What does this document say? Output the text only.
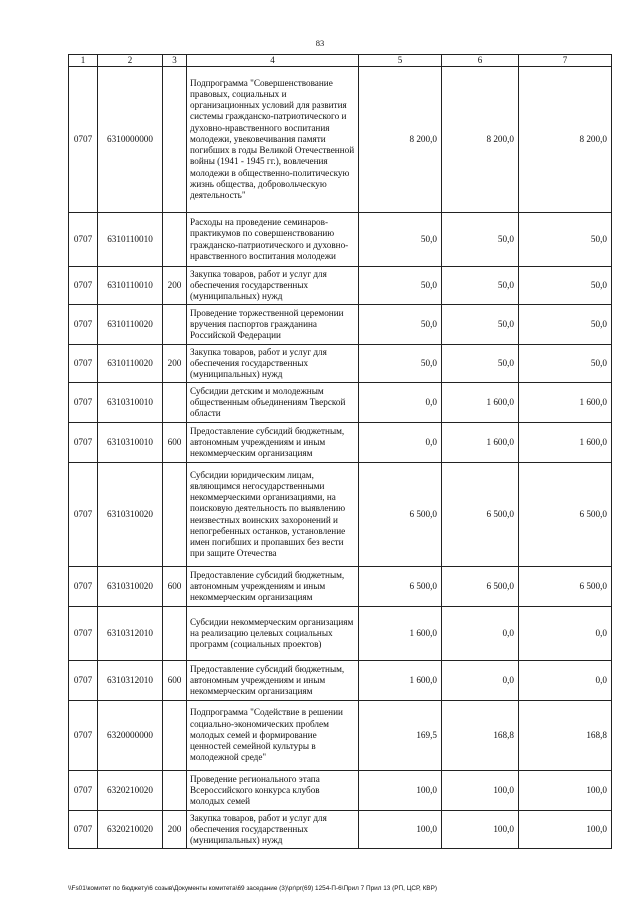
83
1	2	3	4	5	6	7
0707	6310000000		Подпрограмма "Совершенствование правовых, социальных и организационных условий для развития системы гражданско-патриотического и духовно-нравственного воспитания молодежи, увековечивания памяти погибших в годы Великой Отечественной войны (1941 - 1945 гг.), вовлечения молодежи в общественно-политическую жизнь общества, добровольческую деятельность"	8 200,0	8 200,0	8 200,0
0707	6310110010		Расходы на проведение семинаров-практикумов по совершенствованию гражданско-патриотического и духовно-нравственного воспитания молодежи	50,0	50,0	50,0
0707	6310110010	200	Закупка товаров, работ и услуг для обеспечения государственных (муниципальных) нужд	50,0	50,0	50,0
0707	6310110020		Проведение торжественной церемонии вручения паспортов гражданина Российской Федерации	50,0	50,0	50,0
0707	6310110020	200	Закупка товаров, работ и услуг для обеспечения государственных (муниципальных) нужд	50,0	50,0	50,0
0707	6310310010		Субсидии детским и молодежным общественным объединениям Тверской области	0,0	1 600,0	1 600,0
0707	6310310010	600	Предоставление субсидий бюджетным, автономным учреждениям и иным некоммерческим организациям	0,0	1 600,0	1 600,0
0707	6310310020		Субсидии юридическим лицам, являющимся негосударственными некоммерческими организациями, на поисковую деятельность по выявлению неизвестных воинских захоронений и непогребенных останков, установление имен погибших и пропавших без вести при защите Отечества	6 500,0	6 500,0	6 500,0
0707	6310310020	600	Предоставление субсидий бюджетным, автономным учреждениям и иным некоммерческим организациям	6 500,0	6 500,0	6 500,0
0707	6310312010		Субсидии некоммерческим организациям на реализацию целевых социальных программ (социальных проектов)	1 600,0	0,0	0,0
0707	6310312010	600	Предоставление субсидий бюджетным, автономным учреждениям и иным некоммерческим организациям	1 600,0	0,0	0,0
0707	6320000000		Подпрограмма "Содействие в решении социально-экономических проблем молодых семей и формирование ценностей семейной культуры в молодежной среде"	169,5	168,8	168,8
0707	6320210020		Проведение регионального этапа Всероссийского конкурса клубов молодых семей	100,0	100,0	100,0
0707	6320210020	200	Закупка товаров, работ и услуг для обеспечения государственных (муниципальных) нужд	100,0	100,0	100,0
\\Fs01\комитет по бюджету\6 созыв\Документы комитета\69 заседание (3)\pr\pr(69) 1254-П-6\Прил 7 Прил 13 (РП, ЦСР, КВР)
